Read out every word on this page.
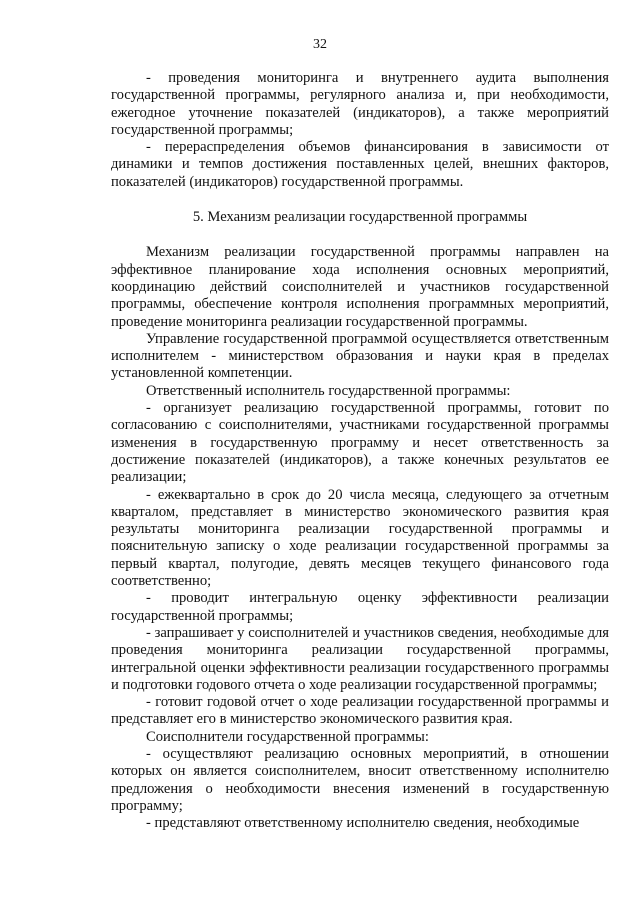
32

- проведения мониторинга и внутреннего аудита выполнения государственной программы, регулярного анализа и, при необходимости, ежегодное уточнение показателей (индикаторов), а также мероприятий государственной программы;

- перераспределения объемов финансирования в зависимости от динамики и темпов достижения поставленных целей, внешних факторов, показателей (индикаторов) государственной программы.

5. Механизм реализации государственной программы

Механизм реализации государственной программы направлен на эффективное планирование хода исполнения основных мероприятий, координацию действий соисполнителей и участников государственной программы, обеспечение контроля исполнения программных мероприятий, проведение мониторинга реализации государственной программы.

Управление государственной программой осуществляется ответственным исполнителем - министерством образования и науки края в пределах установленной компетенции.

Ответственный исполнитель государственной программы:

- организует реализацию государственной программы, готовит по согласованию с соисполнителями, участниками государственной программы изменения в государственную программу и несет ответственность за достижение показателей (индикаторов), а также конечных результатов ее реализации;

- ежеквартально в срок до 20 числа месяца, следующего за отчетным кварталом, представляет в министерство экономического развития края результаты мониторинга реализации государственной программы и пояснительную записку о ходе реализации государственной программы за первый квартал, полугодие, девять месяцев текущего финансового года соответственно;

- проводит интегральную оценку эффективности реализации государственной программы;

- запрашивает у соисполнителей и участников сведения, необходимые для проведения мониторинга реализации государственной программы, интегральной оценки эффективности реализации государственного программы и подготовки годового отчета о ходе реализации государственной программы;

- готовит годовой отчет о ходе реализации государственной программы и представляет его в министерство экономического развития края.

Соисполнители государственной программы:

- осуществляют реализацию основных мероприятий, в отношении которых он является соисполнителем, вносит ответственному исполнителю предложения о необходимости внесения изменений в государственную программу;

- представляют ответственному исполнителю сведения, необходимые
